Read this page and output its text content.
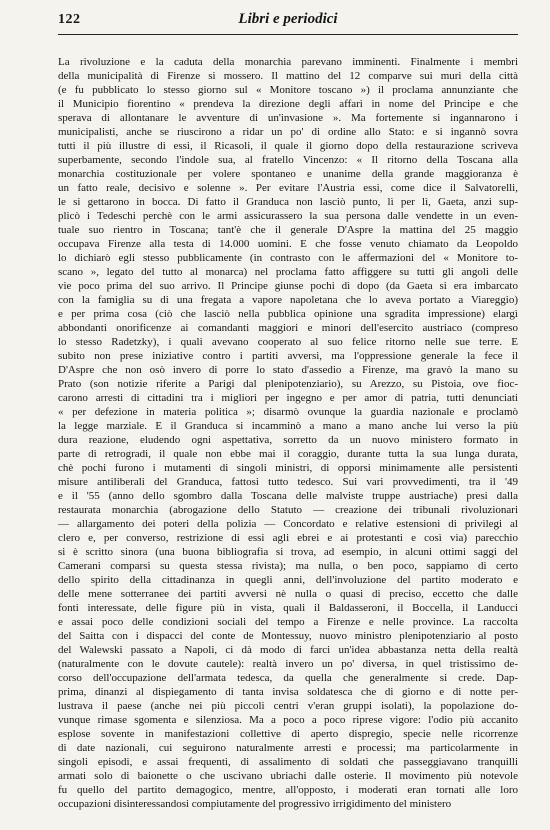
122	Libri e periodici
La rivoluzione e la caduta della monarchia parevano imminenti. Finalmente i membri
della municipalità di Firenze si mossero. Il mattino del 12 comparve sui muri della città
(e fu pubblicato lo stesso giorno sul « Monitore toscano ») il proclama annunziante che
il Municipio fiorentino « prendeva la direzione degli affari in nome del Principe e che
sperava di allontanare le avventure di un'invasione ». Ma fortemente si ingannarono i
municipalisti, anche se riuscirono a ridar un po' di ordine allo Stato: e si ingannò sovra
tutti il più illustre di essi, il Ricasoli, il quale il giorno dopo della restaurazione scriveva
superbamente, secondo l'indole sua, al fratello Vincenzo: « Il ritorno della Toscana alla
monarchia costituzionale per volere spontaneo e unanime della grande maggioranza è
un fatto reale, decisivo e solenne ». Per evitare l'Austria essi, come dice il Salvatorelli,
le si gettarono in bocca. Di fatto il Granduca non lasciò punto, lì per lì, Gaeta, anzi sup-
plicò i Tedeschi perchè con le armi assicurassero la sua persona dalle vendette in un even-
tuale suo rientro in Toscana; tant'è che il generale D'Aspre la mattina del 25 maggio
occupava Firenze alla testa di 14.000 uomini. E che fosse venuto chiamato da Leopoldo
lo dichiarò egli stesso pubblicamente (in contrasto con le affermazioni del « Monitore to-
scano », legato del tutto al monarca) nel proclama fatto affiggere su tutti gli angoli delle
vie poco prima del suo arrivo. Il Principe giunse pochi dì dopo (da Gaeta si era imbarcato
con la famiglia su di una fregata a vapore napoletana che lo aveva portato a Viareggio)
e per prima cosa (ciò che lasciò nella pubblica opinione una sgradita impressione) elargì
abbondanti onorificenze ai comandanti maggiori e minori dell'esercito austriaco (compreso
lo stesso Radetzky), i quali avevano cooperato al suo felice ritorno nelle sue terre. E
subito non prese iniziative contro i partiti avversi, ma l'oppressione generale la fece il
D'Aspre che non osò invero di porre lo stato d'assedio a Firenze, ma gravò la mano su
Prato (son notizie riferite a Parigi dal plenipotenziario), su Arezzo, su Pistoia, ove fioc-
carono arresti di cittadini tra i migliori per ingegno e per amor di patria, tutti denunciati
« per defezione in materia politica »; disarmò ovunque la guardia nazionale e proclamò
la legge marziale. E il Granduca si incamminò a mano a mano anche lui verso la più
dura reazione, eludendo ogni aspettativa, sorretto da un nuovo ministero formato in
parte di retrogradi, il quale non ebbe mai il coraggio, durante tutta la sua lunga durata,
chè pochi furono i mutamenti di singoli ministri, di opporsi minimamente alle persistenti
misure antiliberali del Granduca, fattosi tutto tedesco. Sui vari provvedimenti, tra il '49
e il '55 (anno dello sgombro dalla Toscana delle malviste truppe austriache) presi dalla
restaurata monarchia (abrogazione dello Statuto — creazione dei tribunali rivoluzionari
— allargamento dei poteri della polizia — Concordato e relative estensioni di privilegi al
clero e, per converso, restrizione di essi agli ebrei e ai protestanti e così via) parecchio
si è scritto sinora (una buona bibliografia si trova, ad esempio, in alcuni ottimi saggi del
Camerani comparsi su questa stessa rivista); ma nulla, o ben poco, sappiamo di certo
dello spirito della cittadinanza in quegli anni, dell'involuzione del partito moderato e
delle mene sotterranee dei partiti avversi nè nulla o quasi di preciso, eccetto che dalle
fonti interessate, delle figure più in vista, quali il Baldasseroni, il Boccella, il Landucci
e assai poco delle condizioni sociali del tempo a Firenze e nelle province. La raccolta
del Saitta con i dispacci del conte de Montessuy, nuovo ministro plenipotenziario al posto
del Walewski passato a Napoli, ci dà modo di farci un'idea abbastanza netta della realtà
(naturalmente con le dovute cautele): realtà invero un po' diversa, in quel tristissimo de-
corso dell'occupazione dell'armata tedesca, da quella che generalmente si crede. Dap-
prima, dinanzi al dispiegamento di tanta invisa soldatesca che di giorno e di notte per-
lustrava il paese (anche nei più piccoli centri v'eran gruppi isolati), la popolazione do-
vunque rimase sgomenta e silenziosa. Ma a poco a poco riprese vigore: l'odio più accanito
esplose sovente in manifestazioni collettive di aperto dispregio, specie nelle ricorrenze
di date nazionali, cui seguirono naturalmente arresti e processi; ma particolarmente in
singoli episodi, e assai frequenti, di assalimento di soldati che passeggiavano tranquilli
armati solo di baionette o che uscivano ubriachi dalle osterie. Il movimento più notevole
fu quello del partito demagogico, mentre, all'opposto, i moderati eran tornati alle loro
occupazioni disinteressandosi compiutamente del progressivo irrigidimento del ministero
